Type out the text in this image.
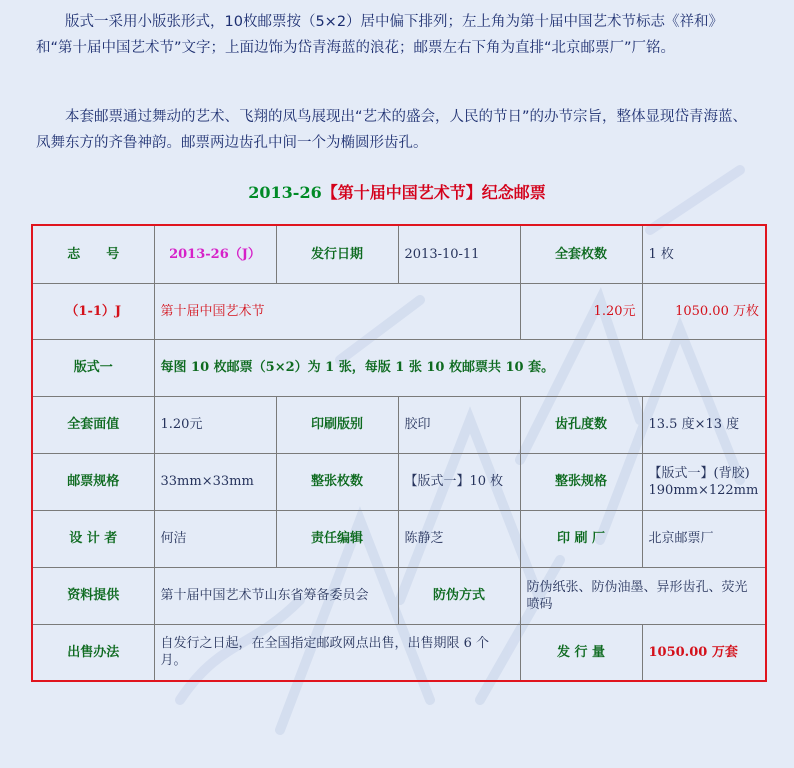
版式一采用小版张形式，10枚邮票按（5×2）居中偏下排列；左上角为第十届中国艺术节标志《祥和》和“第十届中国艺术节”文字；上面边饰为岱青海蓝的浪花；邮票左右下角为直排“北京邮票厂”厂铭。

本套邮票通过舞动的艺术、飞翔的凤鸟展现出“艺术的盛会，人民的节日”的办节宗旨，整体显现岱青海蓝、凤舞东方的齐鲁神韵。邮票两边齿孔中间一个为椭圆形齿孔。

2013-26【第十届中国艺术节】纪念邮票
志　　号	2013-26（J）	发行日期	2013-10-11	全套枚数	1 枚
（1-1）J	第十届中国艺术节			1.20元	1050.00 万枚
版式一	每图 10 枚邮票（5×2）为 1 张，每版 1 张 10 枚邮票共 10 套。				
全套面值	1.20元	印刷版别	胶印	齿孔度数	13.5 度×13 度
邮票规格	33mm×33mm	整张枚数	【版式一】10 枚	整张规格	【版式一】(背胶) 190mm×122mm
设 计 者	何洁	责任编辑	陈静芝	印 刷 厂	北京邮票厂
资料提供	第十届中国艺术节山东省筹备委员会		防伪方式	防伪纸张、防伪油墨、异形齿孔、荧光喷码	
出售办法	自发行之日起，在全国指定邮政网点出售，出售期限 6 个月。			发 行 量	1050.00 万套
